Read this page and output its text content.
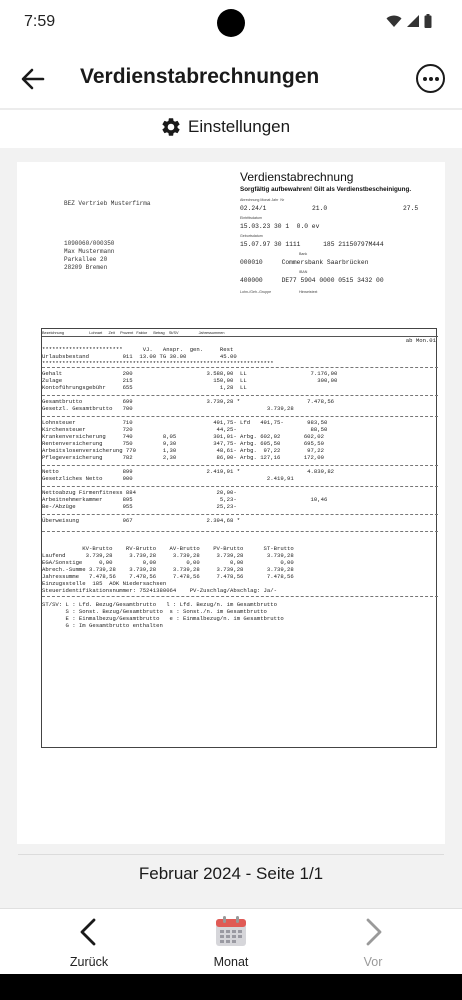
7:59
Verdienstabrechnungen
Einstellungen
Verdienstabrechnung
Sorgfältig aufbewahren! Gilt als Verdienstbescheinigung.
BEZ Vertrieb Musterfirma
1090060/000350
Max Mustermann
Parkallee 20
28209 Bremen
Abrechnung Monat Jahr  Nr
02.24/1	21.0	27.5
Eintrittsdatum
15.03.23 30 1  0.0 ev
Geburtsdatum
15.07.97 30 1111      185 21150797M444
Bank
000010     Commersbank Saarbrücken
IBAN
400000     DE77 5904 0000 0515 3432 00
Lohn-/Geh.-Gruppe	Hinweistext
Bezeichnung                        Lohnart      Zeit     Prozent   Faktor      Betrag    St/SV                   Jahressummen
ab Mon.01
************************      VJ.   Anspr.  gen.     Rest
Urlaubsbestand          011  13.00 TG 30.00          45.00
*********************************************************************
Gehalt                  200                      3.588,00  LL                   7.176,00
Zulage                  215                        150,00  LL                     300,00
Kontoführungsgebühr     655                          1,28  LL
Gesamtbrutto            699                      3.739,28 *                    7.478,56
Gesetzl. Gesamtbrutto   700                                        3.739,28
Lohnsteuer              710                        491,75- Lfd   491,75-       983,50
Kirchensteuer           720                         44,25-                      88,50
Krankenversicherung     740         8,05           301,01- Arbg. 602,02       602,02
Rentenversicherung      750         9,30           347,75- Arbg. 695,50       695,50
Arbeitslosenversicherung 770        1,30            48,61- Arbg.  97,22        97,22
Pflegeversicherung      782         2,30            86,00- Arbg. 127,16       172,00
Netto                   899                      2.419,91 *                    4.839,82
Gesetzliches Netto      900                                        2.419,91
Nettoabzug Firmenfitness 884                        20,00-
Arbeitnehmerkammer      895                          5,23-                      10,46
Be-/Abzüge              955                         25,23-
Überweisung             967                      2.394,68 *
KV-Brutto    RV-Brutto    AV-Brutto    PV-Brutto      ST-Brutto
Laufend      3.739,28     3.739,28     3.739,28     3.739,28       3.739,28
EGA/Sonstige     0,00         0,00         0,00         0,00           0,00
Abrech.-Summe 3.739,28    3.739,28     3.739,28     3.739,28       3.739,28
Jahressumme   7.478,56    7.478,56     7.478,56     7.478,56       7.478,56
Einzugsstelle  185  AOK Niedersachsen
Steueridentifikationsnummer: 75241380064    PV-Zuschlag/Abschlag: Ja/-
ST/SV: L : Lfd. Bezug/Gesamtbrutto   l : Lfd. Bezug/n. im Gesamtbrutto
S : Sonst. Bezug/Gesamtbrutto  s : Sonst./n. im Gesamtbrutto
E : Einmalbezug/Gesamtbrutto   e : Einmalbezug/n. im Gesamtbrutto
G : Im Gesamtbrutto enthalten
Februar 2024 - Seite 1/1
Zurück	Monat	Vor
